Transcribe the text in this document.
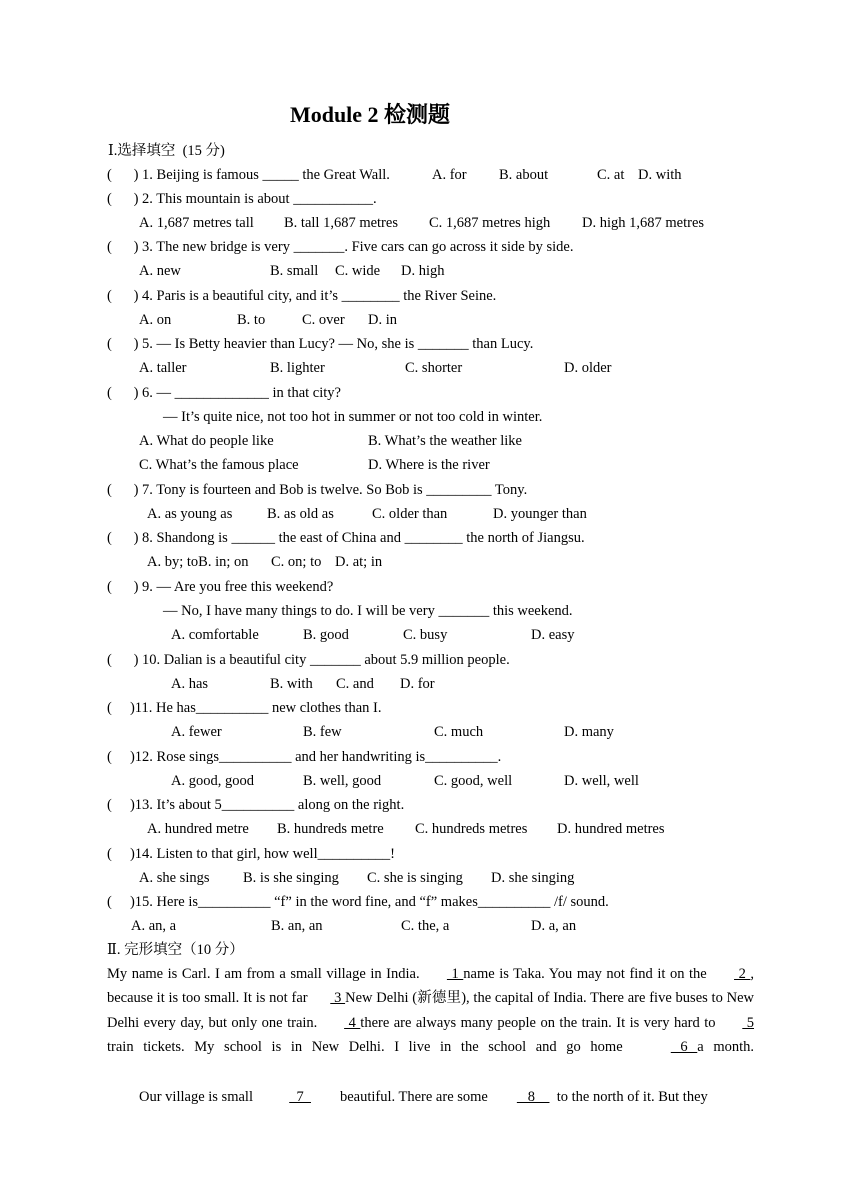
Module 2 检测题
Ⅰ.选择填空  (15 分)
(      ) 1. Beijing is famous _____ the Great Wall.	A. for B. about	C. at D. with
(      ) 2. This mountain is about ___________.
A. 1,687 metres tall B. tall 1,687 metres C. 1,687 metres high D. high 1,687 metres
(      ) 3. The new bridge is very _______. Five cars can go across it side by side.
A. new	B. small C. wide D. high
(      ) 4. Paris is a beautiful city, and it’s ________ the River Seine.
A. on	B. to	C. over D. in
(      ) 5. — Is Betty heavier than Lucy? — No, she is _______ than Lucy.
A. taller	B. lighter	C. shorter	D. older
(      ) 6. — _____________ in that city?
— It’s quite nice, not too hot in summer or not too cold in winter.
A. What do people like	B. What’s the weather like
C. What’s the famous place	D. Where is the river
(      ) 7. Tony is fourteen and Bob is twelve. So Bob is _________ Tony.
A. as young as B. as old as	C. older than	D. younger than
(      ) 8. Shandong is ______ the east of China and ________ the north of Jiangsu.
A. by; toB. in; on C. on; to D. at; in
(      ) 9. — Are you free this weekend?
— No, I have many things to do. I will be very _______ this weekend.
A. comfortable	B. good	C. busy	D. easy
(      ) 10. Dalian is a beautiful city _______ about 5.9 million people.
A. has	B. with C. and D. for
(     )11. He has__________ new clothes than I.
A. fewer	B. few	C. much	D. many
(     )12. Rose sings__________ and her handwriting is__________.
A. good, good	B. well, good	C. good, well	D. well, well
(     )13. It’s about 5__________ along on the right.
A. hundred metre B. hundreds metre C. hundreds metres D. hundred metres
(     )14. Listen to that girl, how well__________!
A. she sings B. is she singing C. she is singing D. she singing
(     )15. Here is__________ “f” in the word fine, and “f” makes__________ /f/ sound.
A. an, a	B. an, an	C. the, a	D. a, an
Ⅱ. 完形填空（10 分）
My name is Carl. I am from a small village in India.       1 name is Taka. You may not find it on the       2 , because it is too small. It is not far       3 New Delhi (新德里), the capital of India. There are five buses to New Delhi every day, but only one train.       4 there are always many people on the train. It is very hard to       5 train tickets. My school is in New Delhi. I live in the school and go home	6 a month.
Our village is small	7          beautiful. There are some           8      to the north of it. But they
